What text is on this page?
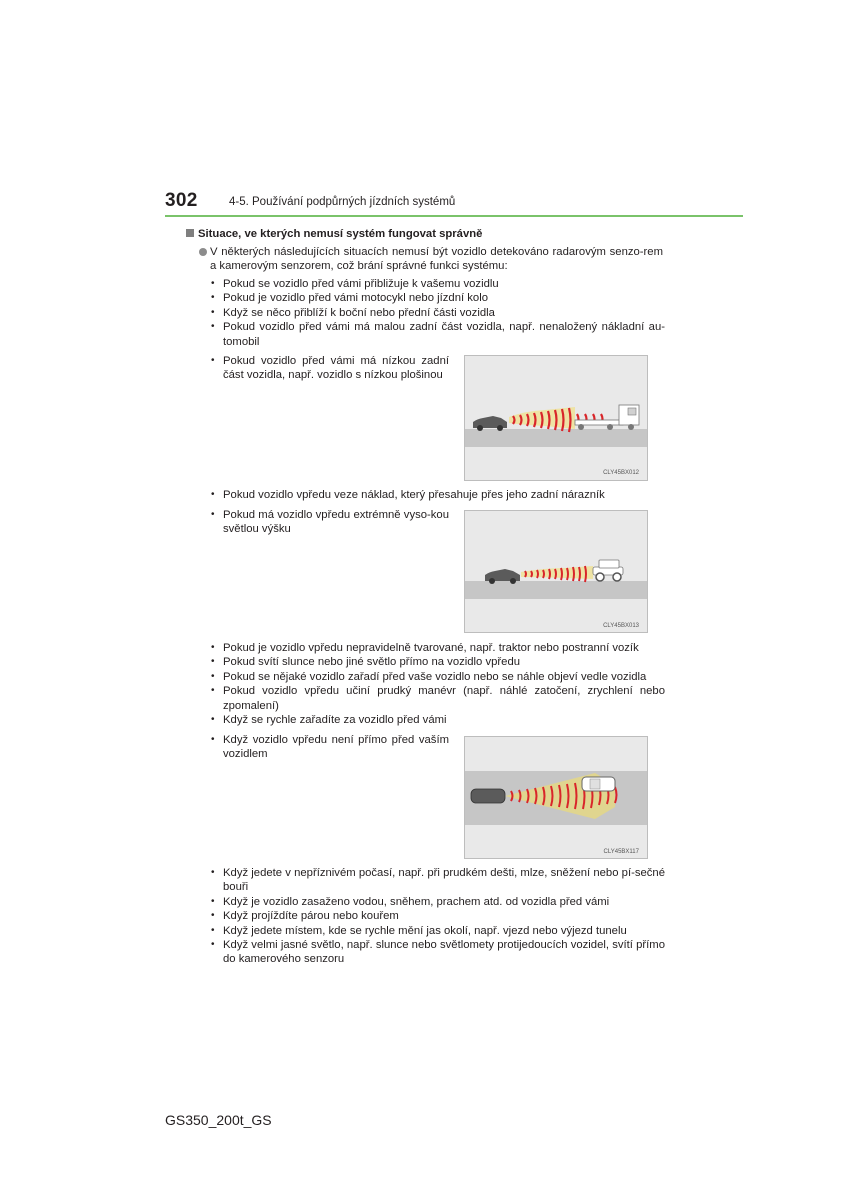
302	4-5. Používání podpůrných jízdních systémů
Situace, ve kterých nemusí systém fungovat správně
V některých následujících situacích nemusí být vozidlo detekováno radarovým senzo-rem a kamerovým senzorem, což brání správné funkci systému:
• Pokud se vozidlo před vámi přibližuje k vašemu vozidlu
• Pokud je vozidlo před vámi motocykl nebo jízdní kolo
• Když se něco přiblíží k boční nebo přední části vozidla
• Pokud vozidlo před vámi má malou zadní část vozidla, např. nenaložený nákladní au-tomobil
• Pokud vozidlo před vámi má nízkou zadní část vozidla, např. vozidlo s nízkou plošinou
• Pokud vozidlo vpředu veze náklad, který přesahuje přes jeho zadní nárazník
• Pokud má vozidlo vpředu extrémně vyso-kou světlou výšku
• Pokud je vozidlo vpředu nepravidelně tvarované, např. traktor nebo postranní vozík
• Pokud svítí slunce nebo jiné světlo přímo na vozidlo vpředu
• Pokud se nějaké vozidlo zařadí před vaše vozidlo nebo se náhle objeví vedle vozidla
• Pokud vozidlo vpředu učiní prudký manévr (např. náhlé zatočení, zrychlení nebo zpomalení)
• Když se rychle zařadíte za vozidlo před vámi
• Když vozidlo vpředu není přímo před vaším vozidlem
• Když jedete v nepříznivém počasí, např. při prudkém dešti, mlze, sněžení nebo pí-sečné bouři
• Když je vozidlo zasaženo vodou, sněhem, prachem atd. od vozidla před vámi
• Když projíždíte párou nebo kouřem
• Když jedete místem, kde se rychle mění jas okolí, např. vjezd nebo výjezd tunelu
• Když velmi jasné světlo, např. slunce nebo světlomety protijedoucích vozidel, svítí přímo do kamerového senzoru
CLY45BX012
CLY45BX013
CLY45BX117
GS350_200t_GS
